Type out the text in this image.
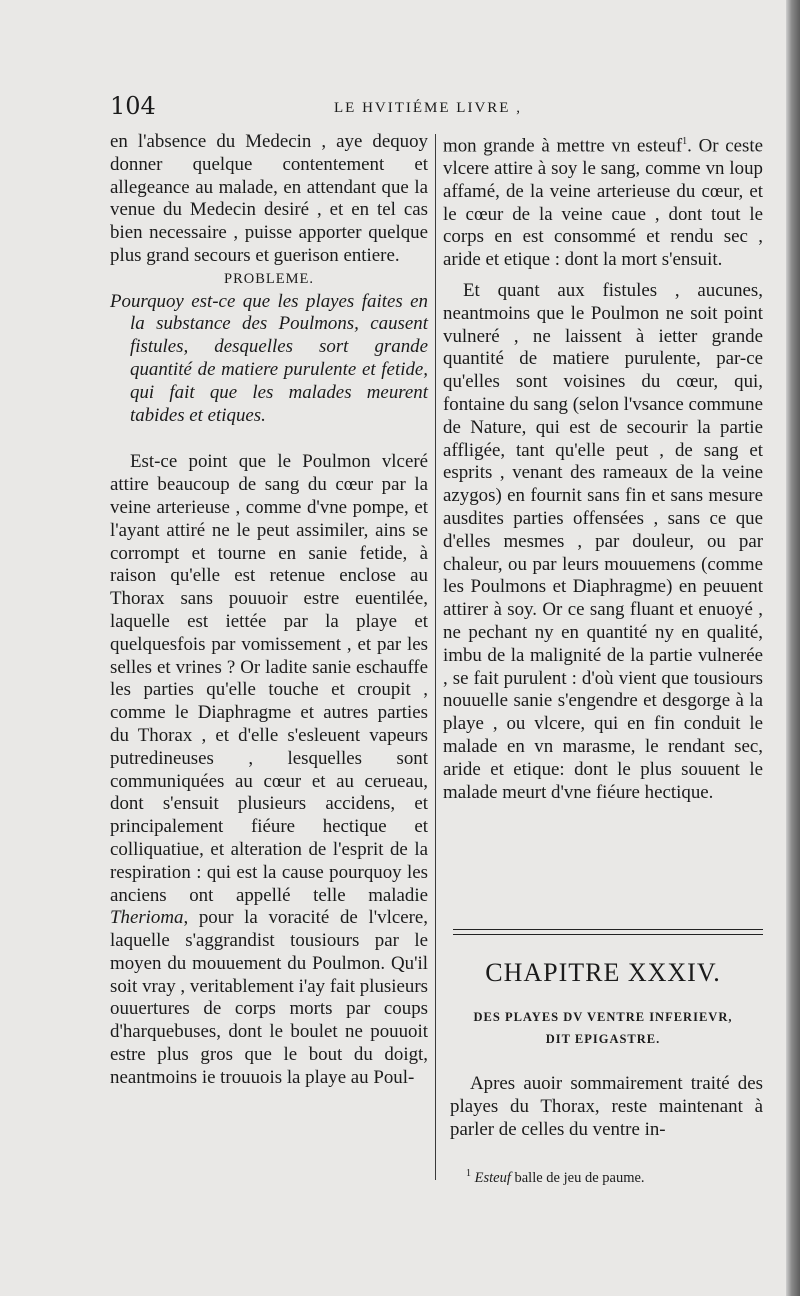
104	LE HVITIÉME LIVRE ,

en l'absence du Medecin , aye dequoy donner quelque contentement et allegeance au malade, en attendant que la venue du Medecin desiré , et en tel cas bien necessaire , puisse apporter quelque plus grand secours et guerison entiere.

PROBLEME.

Pourquoy est-ce que les playes faites en la substance des Poulmons, causent fistules, desquelles sort grande quantité de matiere purulente et fetide, qui fait que les malades meurent tabides et etiques.

Est-ce point que le Poulmon vlceré attire beaucoup de sang du cœur par la veine arterieuse , comme d'vne pompe, et l'ayant attiré ne le peut assimiler, ains se corrompt et tourne en sanie fetide, à raison qu'elle est retenue enclose au Thorax sans pouuoir estre euentilée, laquelle est iettée par la playe et quelquesfois par vomissement , et par les selles et vrines ? Or ladite sanie eschauffe les parties qu'elle touche et croupit , comme le Diaphragme et autres parties du Thorax , et d'elle s'esleuent vapeurs putredineuses , lesquelles sont communiquées au cœur et au cerueau, dont s'ensuit plusieurs accidens, et principalement fiéure hectique et colliquatiue, et alteration de l'esprit de la respiration : qui est la cause pourquoy les anciens ont appellé telle maladie Therioma, pour la voracité de l'vlcere, laquelle s'aggrandist tousiours par le moyen du mouuement du Poulmon. Qu'il soit vray , veritablement i'ay fait plusieurs ouuertures de corps morts par coups d'harquebuses, dont le boulet ne pouuoit estre plus gros que le bout du doigt, neantmoins ie trouuois la playe au Poul-

mon grande à mettre vn esteuf$^1$. Or ceste vlcere attire à soy le sang, comme vn loup affamé, de la veine arterieuse du cœur, et le cœur de la veine caue , dont tout le corps en est consommé et rendu sec , aride et etique : dont la mort s'ensuit.

Et quant aux fistules , aucunes, neantmoins que le Poulmon ne soit point vulneré , ne laissent à ietter grande quantité de matiere purulente, par-ce qu'elles sont voisines du cœur, qui, fontaine du sang (selon l'vsance commune de Nature, qui est de secourir la partie affligée, tant qu'elle peut , de sang et esprits , venant des rameaux de la veine azygos) en fournit sans fin et sans mesure ausdites parties offensées , sans ce que d'elles mesmes , par douleur, ou par chaleur, ou par leurs mouuemens (comme les Poulmons et Diaphragme) en peuuent attirer à soy. Or ce sang fluant et enuoyé , ne pechant ny en quantité ny en qualité, imbu de la malignité de la partie vulnerée , se fait purulent : d'où vient que tousiours nouuelle sanie s'engendre et desgorge à la playe , ou vlcere, qui en fin conduit le malade en vn marasme, le rendant sec, aride et etique: dont le plus souuent le malade meurt d'vne fiéure hectique.

CHAPITRE XXXIV.
DES PLAYES DV VENTRE INFERIEVR,
DIT EPIGASTRE.
Apres auoir sommairement traité des playes du Thorax, reste maintenant à parler de celles du ventre in-
$^1$ Esteuf balle de jeu de paume.
